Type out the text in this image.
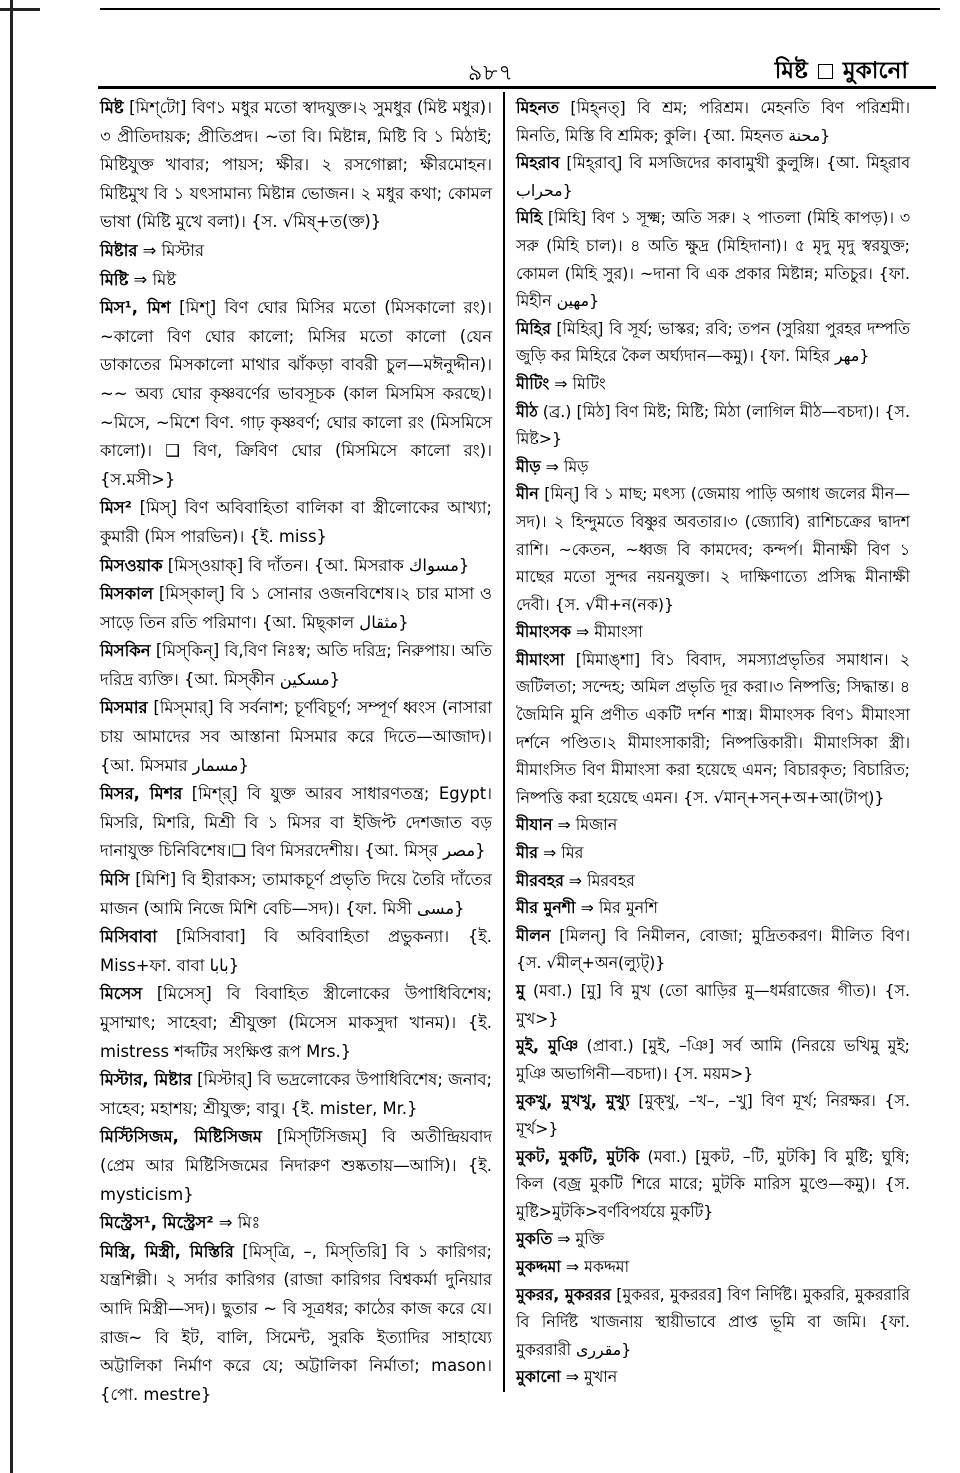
৯৮৭	মিষ্ট মুকানো

মিষ্ট [মিশ্‌টো] বিণ১ মধুর মতো স্বাদযুক্ত।২ সুমধুর (মিষ্ট মধুর)। ৩ প্রীতিদায়ক; প্রীতিপ্রদ। ~তা বি। মিষ্টান্ন, মিষ্টি বি ১ মিঠাই; মিষ্টিযুক্ত খাবার; পায়স; ক্ষীর। ২ রসগোল্লা; ক্ষীরমোহন। মিষ্টিমুখ বি ১ যৎসামান্য মিষ্টান্ন ভোজন। ২ মধুর কথা; কোমল ভাষা (মিষ্টি মুখে বলা)। {স. √মিষ্+ত(ক্ত)}

মিষ্টার ⇒ মিস্টার

মিষ্টি ⇒ মিষ্ট

মিস¹, মিশ [মিশ্] বিণ ঘোর মিসির মতো (মিসকালো রং)। ~কালো বিণ ঘোর কালো; মিসির মতো কালো (যেন ডাকাতের মিসকালো মাথার ঝাঁকড়া বাবরী চুল—মঈনুদ্দীন)। ~~ অব্য ঘোর কৃষ্ণবর্ণের ভাবসূচক (কাল মিসমিস করছে)। ~মিসে, ~মিশে বিণ. গাঢ় কৃষ্ণবর্ণ; ঘোর কালো রং (মিসমিসে কালো)। ❑ বিণ, ক্রিবিণ ঘোর (মিসমিসে কালো রং)। {স.মসী>}

মিস² [মিস্] বিণ অবিবাহিতা বালিকা বা স্ত্রীলোকের আখ্যা; কুমারী (মিস পারভিন)। {ই. miss}

মিসওয়াক [মিস্ওয়াক্] বি দাঁতন। {আ. মিসরাক مسواك}

মিসকাল [মিস্‌কাল্] বি ১ সোনার ওজনবিশেষ।২ চার মাসা ও সাড়ে তিন রতি পরিমাণ। {আ. মিছ্‌কাল مثقال}

মিসকিন [মিস্‌কিন্] বি,বিণ নিঃস্ব; অতি দরিদ্র; নিরুপায়। অতি দরিদ্র ব্যক্তি। {আ. মিস্‌কীন مسكين}

মিসমার [মিস্‌মার্] বি সর্বনাশ; চূর্ণবিচূর্ণ; সম্পূর্ণ ধ্বংস (নাসারা চায় আমাদের সব আস্তানা মিসমার করে দিতে—আজাদ)। {আ. মিসমার مسمار}

মিসর, মিশর [মিশ্‌র্] বি যুক্ত আরব সাধারণতন্ত্র; Egypt। মিসরি, মিশরি, মিশ্রী বি ১ মিসর বা ইজিপ্ট দেশজাত বড় দানাযুক্ত চিনিবিশেষ।❑ বিণ মিসরদেশীয়। {আ. মিস্‌র مصر}

মিসি [মিশি] বি হীরাকস; তামাকচূর্ণ প্রভৃতি দিয়ে তৈরি দাঁতের মাজন (আমি নিজে মিশি বেচি—সদ)। {ফা. মিসী مسى}

মিসিবাবা [মিসিবাবা] বি অবিবাহিতা প্রভুকন্যা। {ই. Miss+ফা. বাবা بابا}

মিসেস [মিসেস্] বি বিবাহিত স্ত্রীলোকের উপাধিবিশেষ; মুসাম্মাৎ; সাহেবা; শ্রীযুক্তা (মিসেস মাকসুদা খানম)। {ই. mistress শব্দটির সংক্ষিপ্ত রূপ Mrs.}

মিস্টার, মিষ্টার [মিস্টার্] বি ভদ্রলোকের উপাধিবিশেষ; জনাব; সাহেব; মহাশয়; শ্রীযুক্ত; বাবু। {ই. mister, Mr.}

মিস্টিসিজম, মিষ্টিসিজম [মিস্‌টিসিজম্] বি অতীন্দ্রিয়বাদ (প্রেম আর মিষ্টিসিজমের নিদারুণ শুষ্কতায়—আসি)। {ই. mysticism}

মিস্ট্রেস¹, মিস্ট্রেস² ⇒ মিঃ

মিস্ত্রি, মিস্ত্রী, মিস্তিরি [মিস্‌ত্রি, –, মিস্‌তিরি] বি ১ কারিগর; যন্ত্রশিল্পী। ২ সর্দার কারিগর (রাজা কারিগর বিশ্বকর্মা দুনিয়ার আদি মিস্ত্রী—সদ)। ছুতার ~ বি সূত্রধর; কাঠের কাজ করে যে। রাজ~ বি ইট, বালি, সিমেন্ট, সুরকি ইত্যাদির সাহায্যে অট্টালিকা নির্মাণ করে যে; অট্টালিকা নির্মাতা; mason। {পো. mestre}

মিহনত [মিহ্‌নত্] বি শ্রম; পরিশ্রম। মেহনতি বিণ পরিশ্রমী। মিনতি, মিস্তি বি শ্রমিক; কুলি। {আ. মিহনত محنة}

মিহরাব [মিহ্‌রাব্] বি মসজিদের কাবামুখী কুলুঙ্গি। {আ. মিহ্‌রাব محراب}

মিহি [মিহি] বিণ ১ সূক্ষ্ম; অতি সরু। ২ পাতলা (মিহি কাপড়)। ৩ সরু (মিহি চাল)। ৪ অতি ক্ষুদ্র (মিহিদানা)। ৫ মৃদু মৃদু স্বরযুক্ত; কোমল (মিহি সুর)। ~দানা বি এক প্রকার মিষ্টান্ন; মতিচুর। {ফা. মিহীন مهين}

মিহির [মিহির্] বি সূর্য; ভাস্কর; রবি; তপন (সুরিয়া পুরহর দম্পতি জুড়ি কর মিহিরে কৈল অর্ঘ্যদান—কমু)। {ফা. মিহির مهر}

মীটিং ⇒ মিটিং

মীঠ (ব্র.) [মিঠ] বিণ মিষ্ট; মিষ্টি; মিঠা (লাগিল মীঠ—বচদা)। {স. মিষ্ট>}

মীড় ⇒ মিড়

মীন [মিন্] বি ১ মাছ; মৎস্য (জেমায় পাড়ি অগাধ জলের মীন—সদ)। ২ হিন্দুমতে বিষ্ণুর অবতার।৩ (জ্যোবি) রাশিচক্রের দ্বাদশ রাশি। ~কেতন, ~ধ্বজ বি কামদেব; কন্দর্প। মীনাক্ষী বিণ ১ মাছের মতো সুন্দর নয়নযুক্তা। ২ দাক্ষিণাত্যে প্রসিদ্ধ মীনাক্ষী দেবী। {স. √মী+ন(নক)}

মীমাংসক ⇒ মীমাংসা

মীমাংসা [মিমাঙ্‌শা] বি১ বিবাদ, সমস্যাপ্রভৃতির সমাধান। ২ জটিলতা; সন্দেহ; অমিল প্রভৃতি দূর করা।৩ নিষ্পত্তি; সিদ্ধান্ত। ৪ জৈমিনি মুনি প্রণীত একটি দর্শন শাস্ত্র। মীমাংসক বিণ১ মীমাংসা দর্শনে পণ্ডিত।২ মীমাংসাকারী; নিষ্পত্তিকারী। মীমাংসিকা স্ত্রী। মীমাংসিত বিণ মীমাংসা করা হয়েছে এমন; বিচারকৃত; বিচারিত; নিষ্পত্তি করা হয়েছে এমন। {স. √মান্+সন্+অ+আ(টাপ্)}

মীযান ⇒ মিজান

মীর ⇒ মির

মীরবহর ⇒ মিরবহর

মীর মুনশী ⇒ মির মুনশি

মীলন [মিলন্] বি নিমীলন, বোজা; মুদ্রিতকরণ। মীলিত বিণ। {স. √মীল্+অন(ল্যুট্)}

মু (মবা.) [মু] বি মুখ (তো ঝাড়ির মু—ধর্মরাজের গীত)। {স. মুখ>}

মুই, মুঞি (প্রাবা.) [মুই, –ঞি] সর্ব আমি (নিরয়ে ভখিমু মুই; মুঞি অভাগিনী—বচদা)। {স. ময়ম>}

মুকখু, মুখখু, মুখ্যু [মুক্‌খু, –খ–, –খু] বিণ মূর্খ; নিরক্ষর। {স. মূর্খ>}

মুকট, মুকটি, মুটকি (মবা.) [মুকট, –টি, মুটকি] বি মুষ্টি; ঘুষি; কিল (বজ্র মুকটি শিরে মারে; মুটকি মারিস মুণ্ডে—কমু)। {স. মুষ্টি>মুটকি>বর্ণবিপর্যয়ে মুকটি}

মুকতি ⇒ মুক্তি

মুকদ্দমা ⇒ মকদ্দমা

মুকরর, মুকররর [মুকরর, মুকররর] বিণ নির্দিষ্ট। মুকররি, মুকররারি বি নির্দিষ্ট খাজনায় স্থায়ীভাবে প্রাপ্ত ভূমি বা জমি। {ফা. মুকররারী مقررى}

মুকানো ⇒ মুখান
